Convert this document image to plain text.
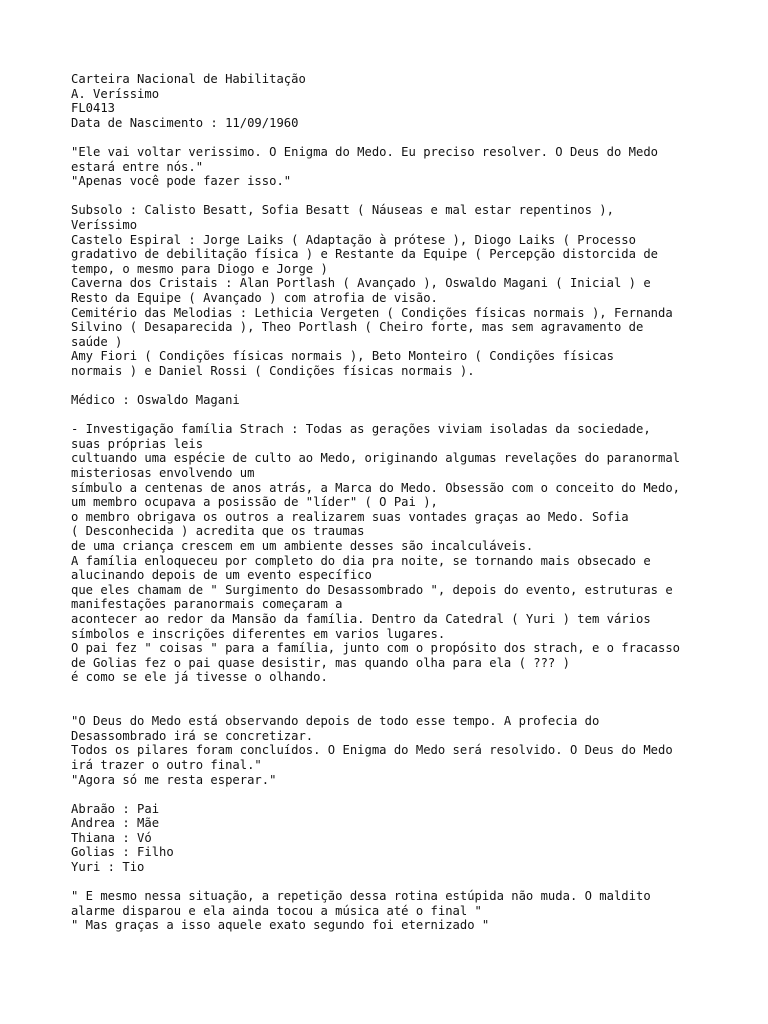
Carteira Nacional de Habilitação
A. Veríssimo
FL0413
Data de Nascimento : 11/09/1960
"Ele vai voltar verissimo. O Enigma do Medo. Eu preciso resolver. O Deus do Medo
estará entre nós."
"Apenas você pode fazer isso."
Subsolo : Calisto Besatt, Sofia Besatt ( Náuseas e mal estar repentinos ),
Veríssimo
Castelo Espiral : Jorge Laiks ( Adaptação à prótese ), Diogo Laiks ( Processo
gradativo de debilitação física ) e Restante da Equipe ( Percepção distorcida de
tempo, o mesmo para Diogo e Jorge )
Caverna dos Cristais : Alan Portlash ( Avançado ), Oswaldo Magani ( Inicial ) e
Resto da Equipe ( Avançado ) com atrofia de visão.
Cemitério das Melodias : Lethicia Vergeten ( Condições físicas normais ), Fernanda
Silvino ( Desaparecida ), Theo Portlash ( Cheiro forte, mas sem agravamento de
saúde )
Amy Fiori ( Condições físicas normais ), Beto Monteiro ( Condições físicas
normais ) e Daniel Rossi ( Condições físicas normais ).
Médico : Oswaldo Magani
- Investigação família Strach : Todas as gerações viviam isoladas da sociedade,
suas próprias leis
cultuando uma espécie de culto ao Medo, originando algumas revelações do paranormal
misteriosas envolvendo um
símbulo a centenas de anos atrás, a Marca do Medo. Obsessão com o conceito do Medo,
um membro ocupava a posissão de "líder" ( O Pai ),
o membro obrigava os outros a realizarem suas vontades graças ao Medo. Sofia
( Desconhecida ) acredita que os traumas
de uma criança crescem em um ambiente desses são incalculáveis.
A família enloqueceu por completo do dia pra noite, se tornando mais obsecado e
alucinando depois de um evento específico
que eles chamam de " Surgimento do Desassombrado ", depois do evento, estruturas e
manifestações paranormais começaram a
acontecer ao redor da Mansão da família. Dentro da Catedral ( Yuri ) tem vários
símbolos e inscrições diferentes em varios lugares.
O pai fez " coisas " para a família, junto com o propósito dos strach, e o fracasso
de Golias fez o pai quase desistir, mas quando olha para ela ( ??? )
é como se ele já tivesse o olhando.
"O Deus do Medo está observando depois de todo esse tempo. A profecia do
Desassombrado irá se concretizar.
Todos os pilares foram concluídos. O Enigma do Medo será resolvido. O Deus do Medo
irá trazer o outro final."
"Agora só me resta esperar."
Abraão : Pai
Andrea : Mãe
Thiana : Vó
Golias : Filho
Yuri : Tio
" E mesmo nessa situação, a repetição dessa rotina estúpida não muda. O maldito
alarme disparou e ela ainda tocou a música até o final "
" Mas graças a isso aquele exato segundo foi eternizado "
